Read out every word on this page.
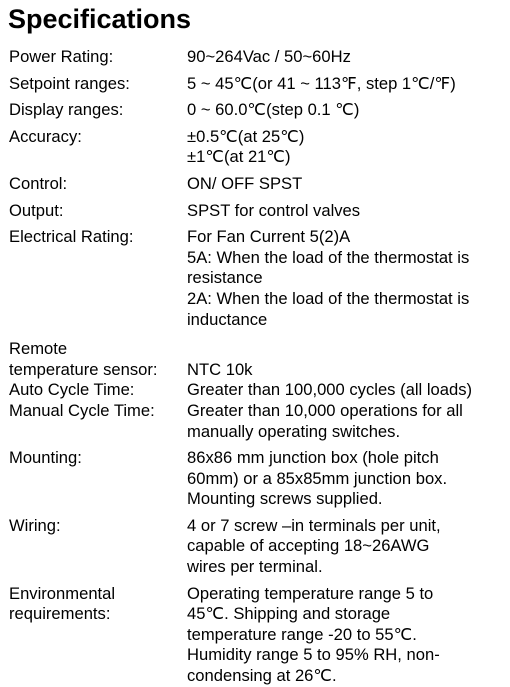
Specifications
Power Rating:	90~264Vac / 50~60Hz
Setpoint ranges:	5 ~ 45℃(or 41 ~ 113℉, step 1℃/℉)
Display ranges:	0 ~ 60.0℃(step 0.1 ℃)
Accuracy:	±0.5℃(at 25℃)
±1℃(at 21℃)
Control:	ON/ OFF SPST
Output:	SPST for control valves
Electrical Rating:	For Fan Current 5(2)A
5A: When the load of the thermostat is
resistance
2A: When the load of the thermostat is
inductance
Remote
temperature sensor:
	NTC 10k
Auto Cycle Time:	Greater than 100,000 cycles (all loads)
Manual Cycle Time:	Greater than 10,000 operations for all
manually operating switches.
Mounting:	86x86 mm junction box (hole pitch
60mm) or a 85x85mm junction box.
Mounting screws supplied.
Wiring:	4 or 7 screw –in terminals per unit,
capable of accepting 18~26AWG
wires per terminal.
Environmental
requirements:
Operating temperature range 5 to
45℃. Shipping and storage
temperature range -20 to 55℃.
Humidity range 5 to 95% RH, non-
condensing at 26℃.
